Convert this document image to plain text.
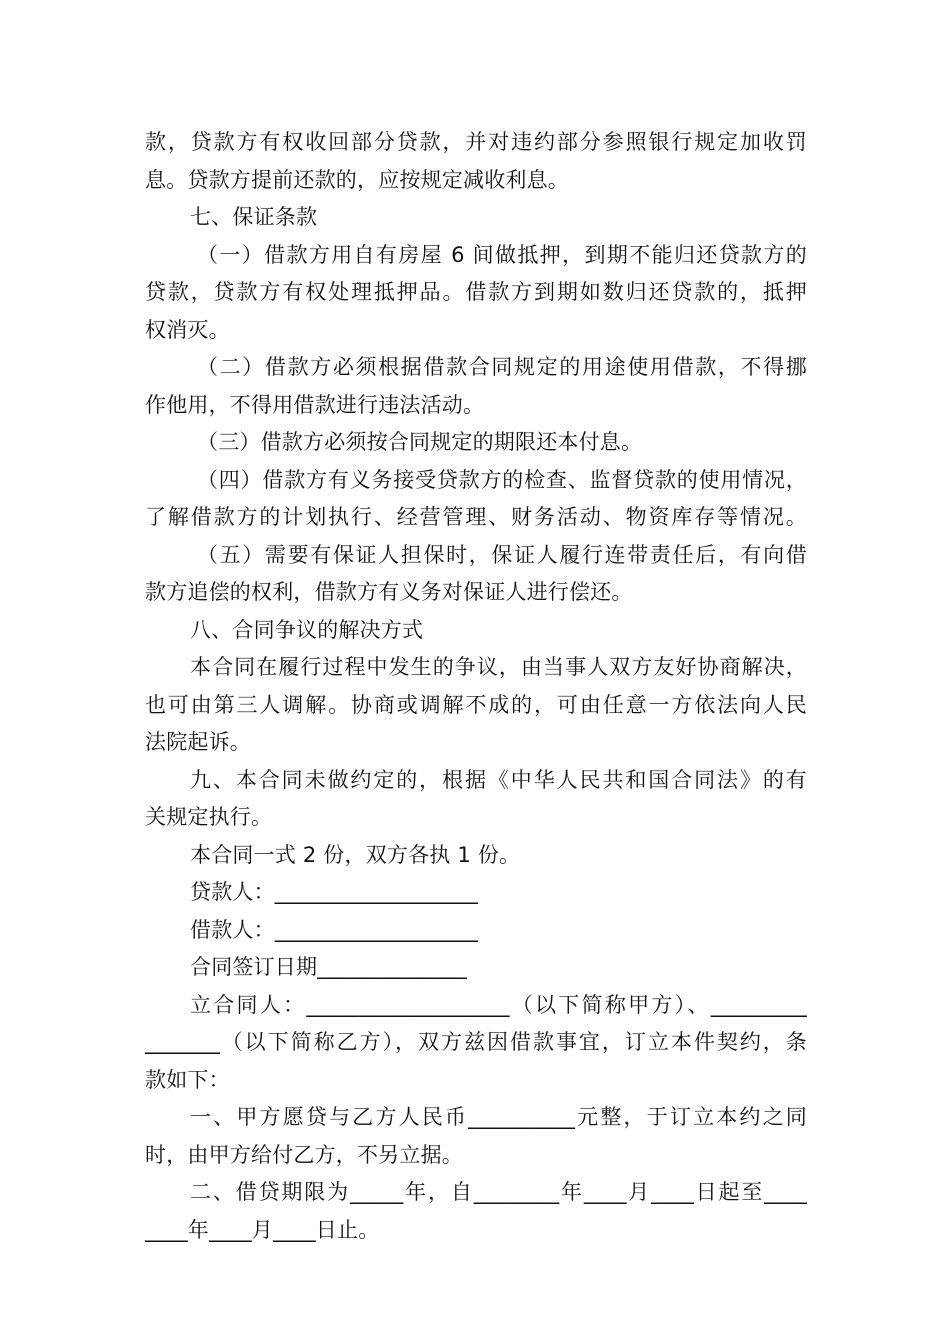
款，贷款方有权收回部分贷款，并对违约部分参照银行规定加收罚
息。贷款方提前还款的，应按规定减收利息。
七、保证条款
（一）借款方用自有房屋 6 间做抵押，到期不能归还贷款方的
贷款，贷款方有权处理抵押品。借款方到期如数归还贷款的，抵押
权消灭。
（二）借款方必须根据借款合同规定的用途使用借款，不得挪
作他用，不得用借款进行违法活动。
（三）借款方必须按合同规定的期限还本付息。
（四）借款方有义务接受贷款方的检查、监督贷款的使用情况，
了解借款方的计划执行、经营管理、财务活动、物资库存等情况。
（五）需要有保证人担保时，保证人履行连带责任后，有向借
款方追偿的权利，借款方有义务对保证人进行偿还。
八、合同争议的解决方式
本合同在履行过程中发生的争议，由当事人双方友好协商解决，
也可由第三人调解。协商或调解不成的，可由任意一方依法向人民
法院起诉。
九、本合同未做约定的，根据《中华人民共和国合同法》的有
关规定执行。
本合同一式 2 份，双方各执 1 份。
贷款人：___________________
借款人：___________________
合同签订日期______________
立合同人：___________________（以下简称甲方）、_________
_______（以下简称乙方），双方兹因借款事宜，订立本件契约，条
款如下：
一、甲方愿贷与乙方人民币__________元整，于订立本约之同
时，由甲方给付乙方，不另立据。
二、借贷期限为_____年，自________年____月____日起至____
____年____月____日止。
